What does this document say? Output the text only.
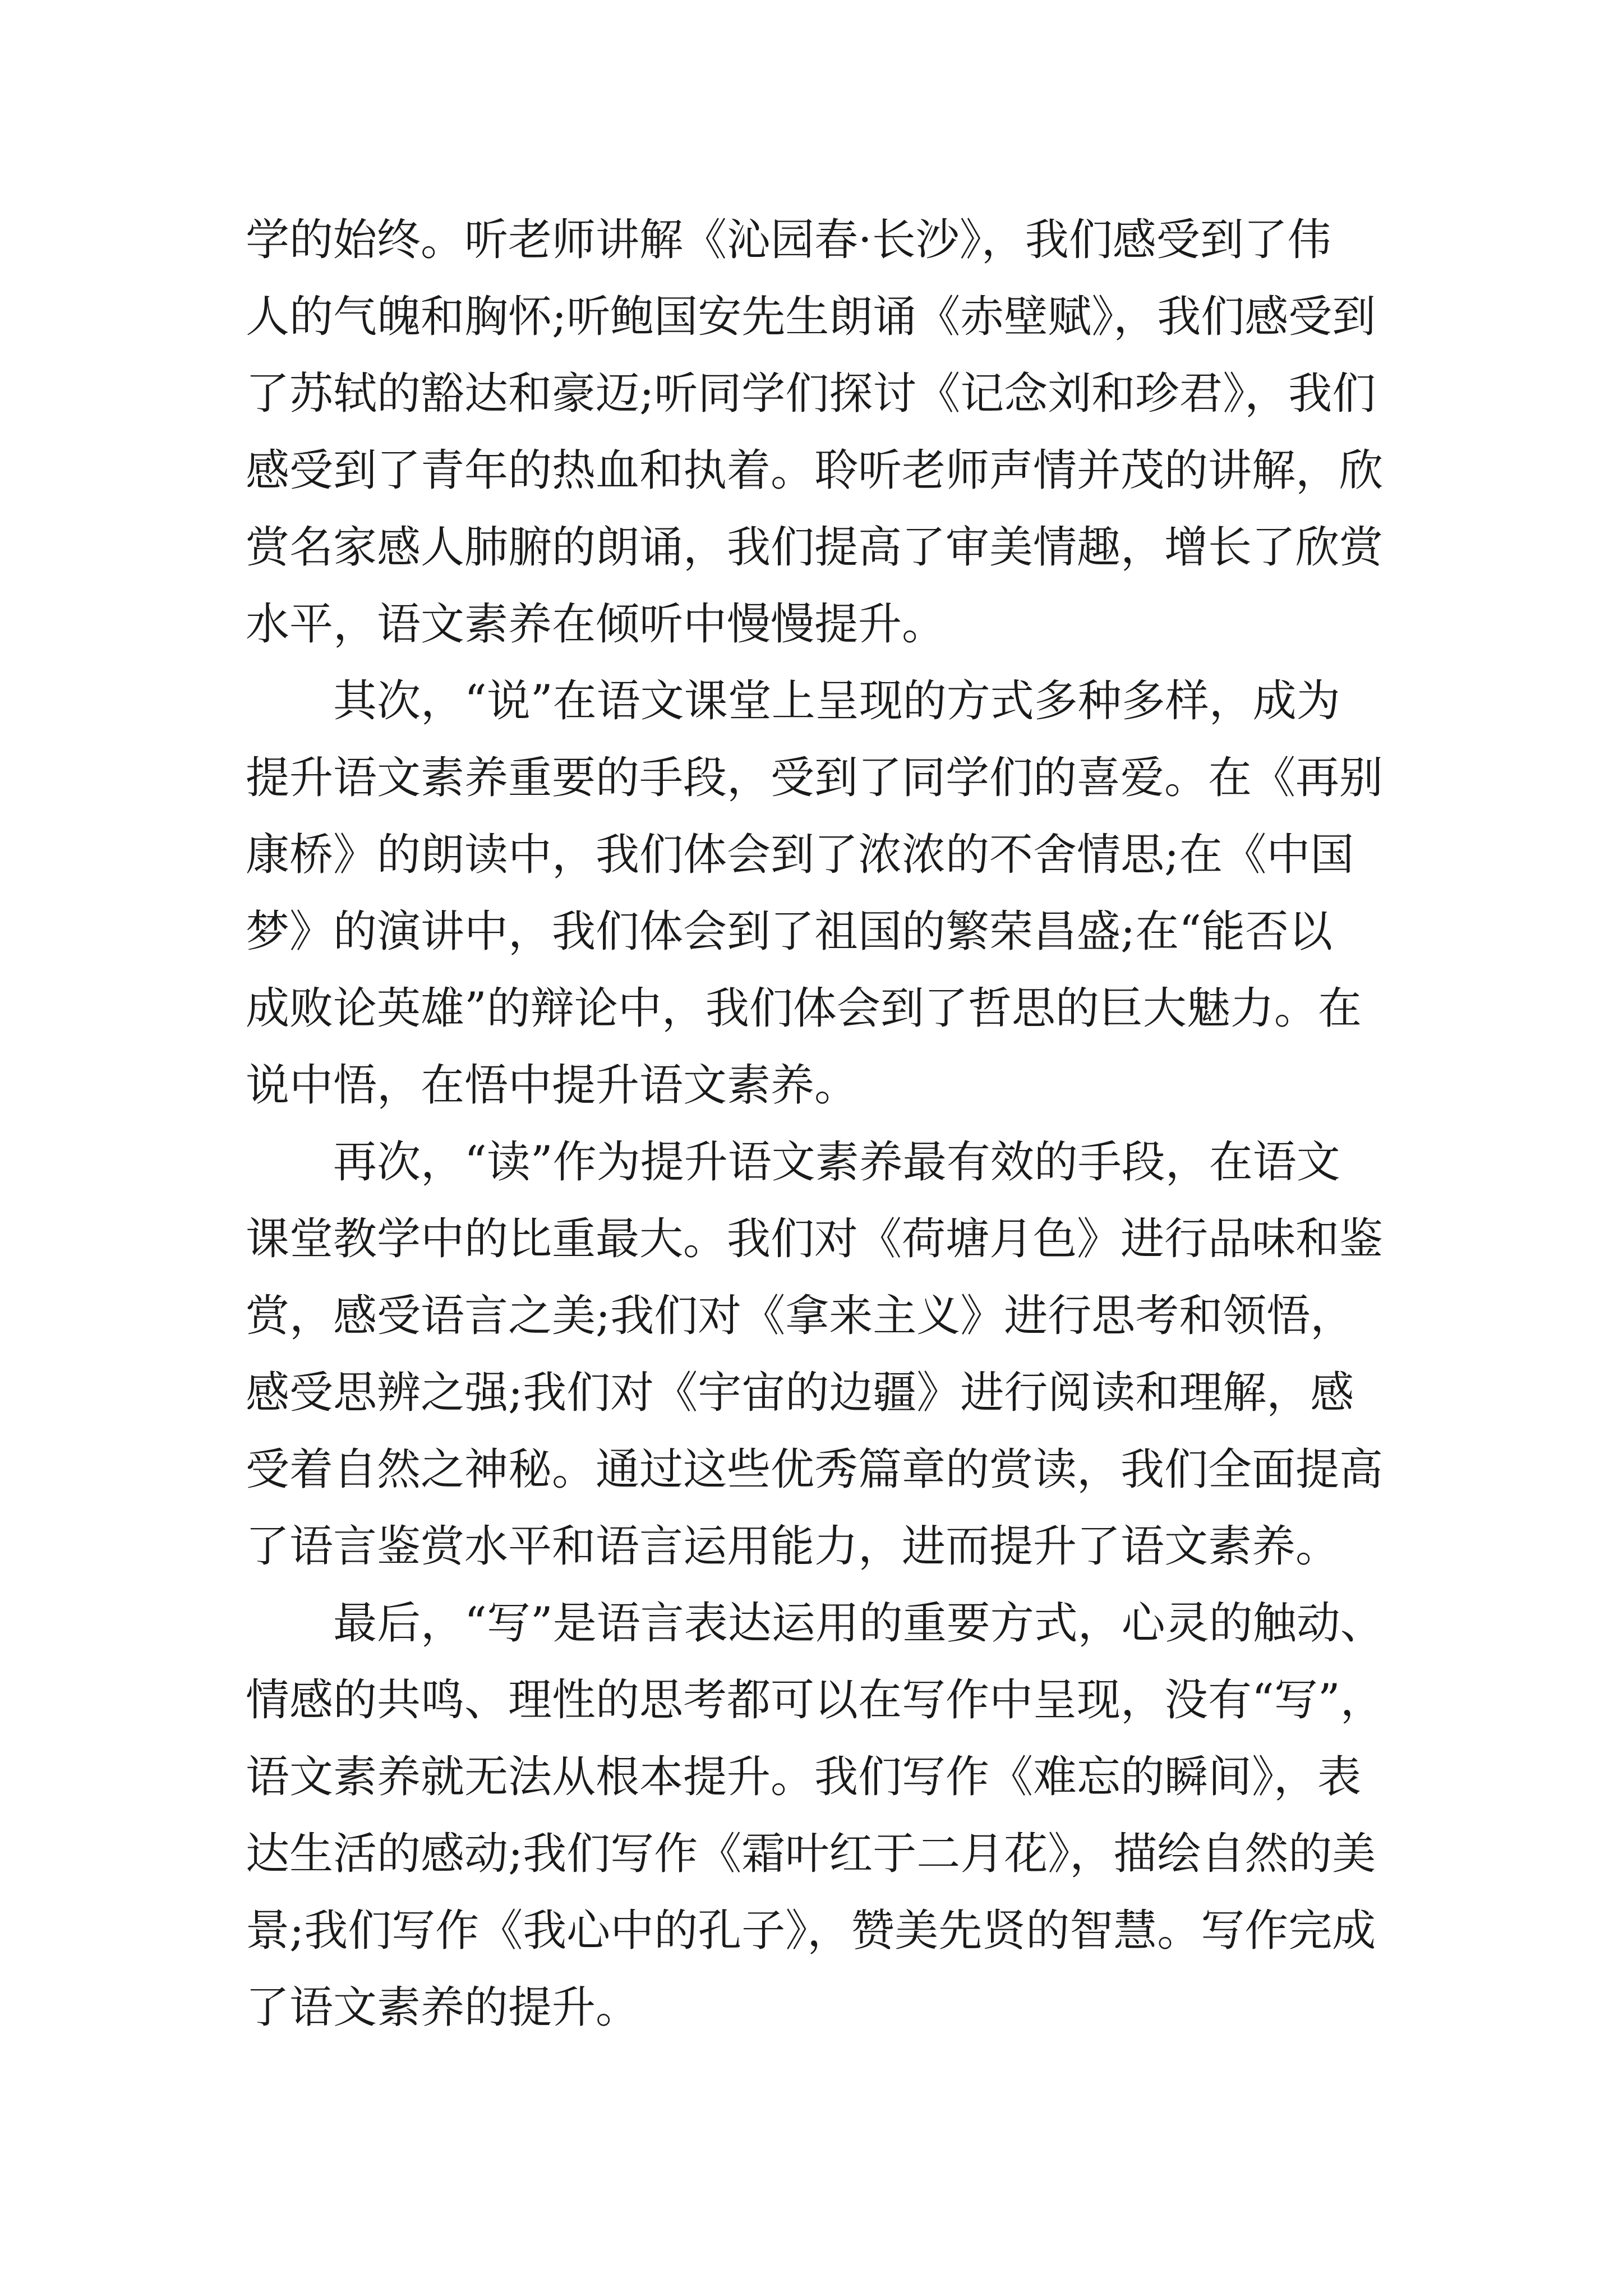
学的始终。听老师讲解《沁园春·长沙》，我们感受到了伟

人的气魄和胸怀;听鲍国安先生朗诵《赤壁赋》，我们感受到

了苏轼的豁达和豪迈;听同学们探讨《记念刘和珍君》，我们

感受到了青年的热血和执着。聆听老师声情并茂的讲解，欣

赏名家感人肺腑的朗诵，我们提高了审美情趣，增长了欣赏

水平，语文素养在倾听中慢慢提升。

其次，“说”在语文课堂上呈现的方式多种多样，成为

提升语文素养重要的手段，受到了同学们的喜爱。在《再别

康桥》的朗读中，我们体会到了浓浓的不舍情思;在《中国

梦》的演讲中，我们体会到了祖国的繁荣昌盛;在“能否以

成败论英雄”的辩论中，我们体会到了哲思的巨大魅力。在

说中悟，在悟中提升语文素养。

再次，“读”作为提升语文素养最有效的手段，在语文

课堂教学中的比重最大。我们对《荷塘月色》进行品味和鉴

赏，感受语言之美;我们对《拿来主义》进行思考和领悟，

感受思辨之强;我们对《宇宙的边疆》进行阅读和理解，感

受着自然之神秘。通过这些优秀篇章的赏读，我们全面提高

了语言鉴赏水平和语言运用能力，进而提升了语文素养。

最后，“写”是语言表达运用的重要方式，心灵的触动、

情感的共鸣、理性的思考都可以在写作中呈现，没有“写”，

语文素养就无法从根本提升。我们写作《难忘的瞬间》，表

达生活的感动;我们写作《霜叶红于二月花》，描绘自然的美

景;我们写作《我心中的孔子》，赞美先贤的智慧。写作完成

了语文素养的提升。
